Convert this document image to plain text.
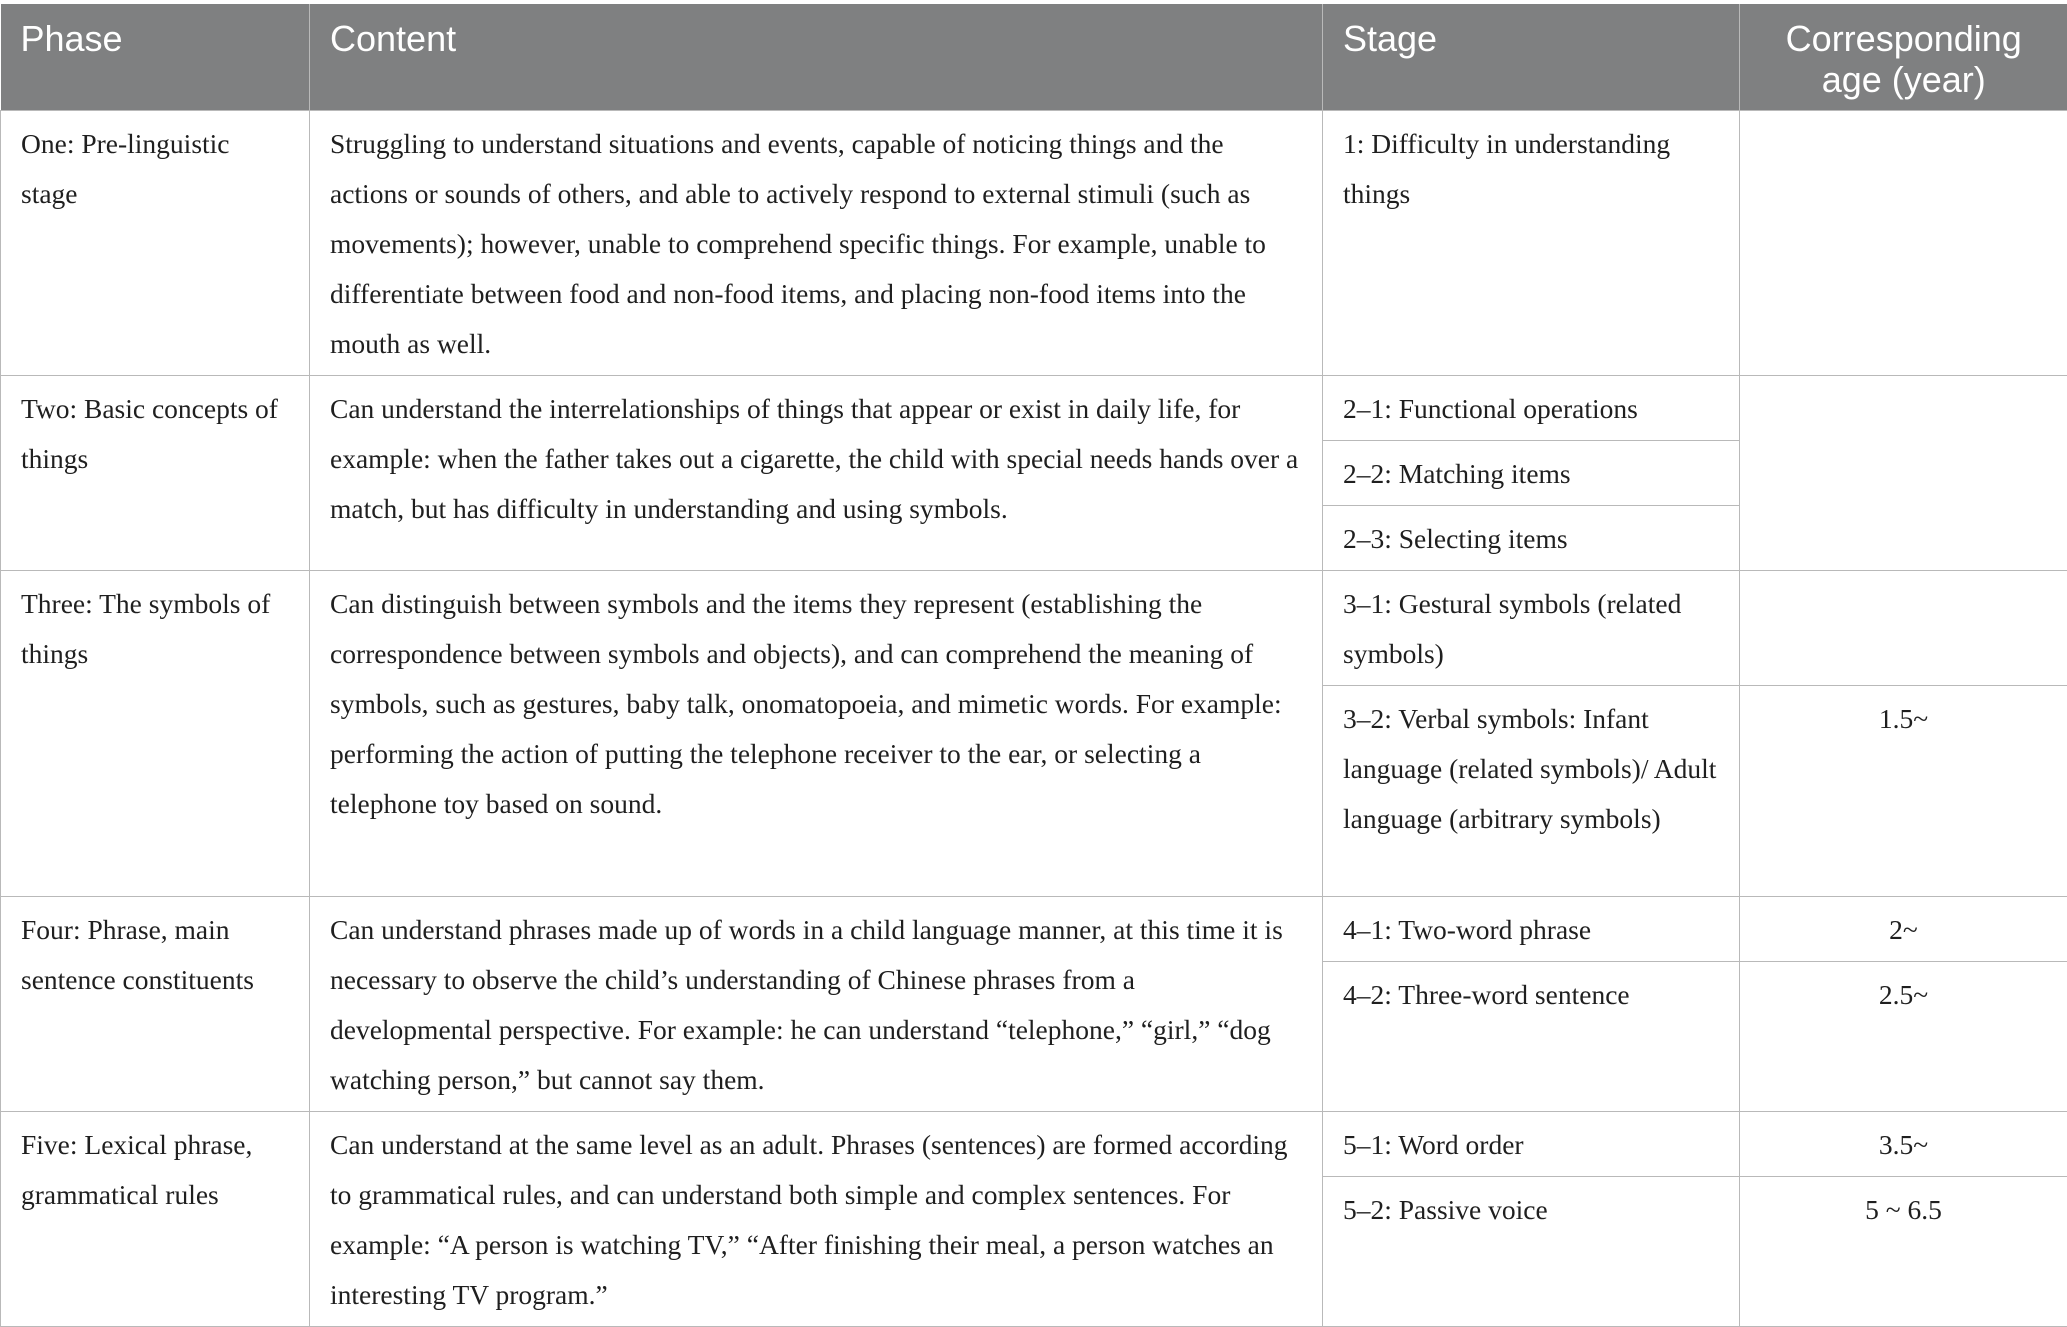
Phase	Content	Stage	Corresponding age (year)
One: Pre-linguistic stage	Struggling to understand situations and events, capable of noticing things and the actions or sounds of others, and able to actively respond to external stimuli (such as movements); however, unable to comprehend specific things. For example, unable to differentiate between food and non-food items, and placing non-food items into the mouth as well.	1: Difficulty in understanding things	
Two: Basic concepts of things	Can understand the interrelationships of things that appear or exist in daily life, for example: when the father takes out a cigarette, the child with special needs hands over a match, but has difficulty in understanding and using symbols.	2–1: Functional operations	
		2–2: Matching items	
		2–3: Selecting items	
Three: The symbols of things	Can distinguish between symbols and the items they represent (establishing the correspondence between symbols and objects), and can comprehend the meaning of symbols, such as gestures, baby talk, onomatopoeia, and mimetic words. For example: performing the action of putting the telephone receiver to the ear, or selecting a telephone toy based on sound.	3–1: Gestural symbols (related symbols)	
		3–2: Verbal symbols: Infant language (related symbols)/ Adult language (arbitrary symbols)	1.5~
Four: Phrase, main sentence constituents	Can understand phrases made up of words in a child language manner, at this time it is necessary to observe the child’s understanding of Chinese phrases from a developmental perspective. For example: he can understand “telephone,” “girl,” “dog watching person,” but cannot say them.	4–1: Two-word phrase	2~
		4–2: Three-word sentence	2.5~
Five: Lexical phrase, grammatical rules	Can understand at the same level as an adult. Phrases (sentences) are formed according to grammatical rules, and can understand both simple and complex sentences. For example: “A person is watching TV,” “After finishing their meal, a person watches an interesting TV program.”	5–1: Word order	3.5~
		5–2: Passive voice	5 ~ 6.5
